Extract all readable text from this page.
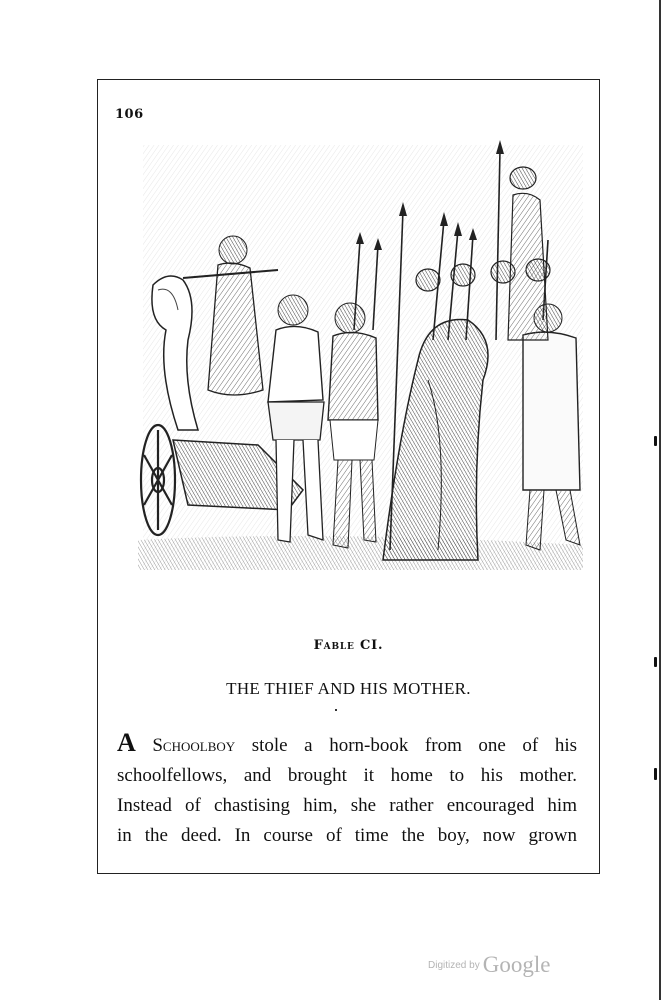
106
Fable CI.
THE THIEF AND HIS MOTHER.
A Schoolboy stole a horn-book from one of his
schoolfellows, and brought it home to his mother.
Instead of chastising him, she rather encouraged him
in the deed. In course of time the boy, now grown
$^{Digitized by}$ Google
